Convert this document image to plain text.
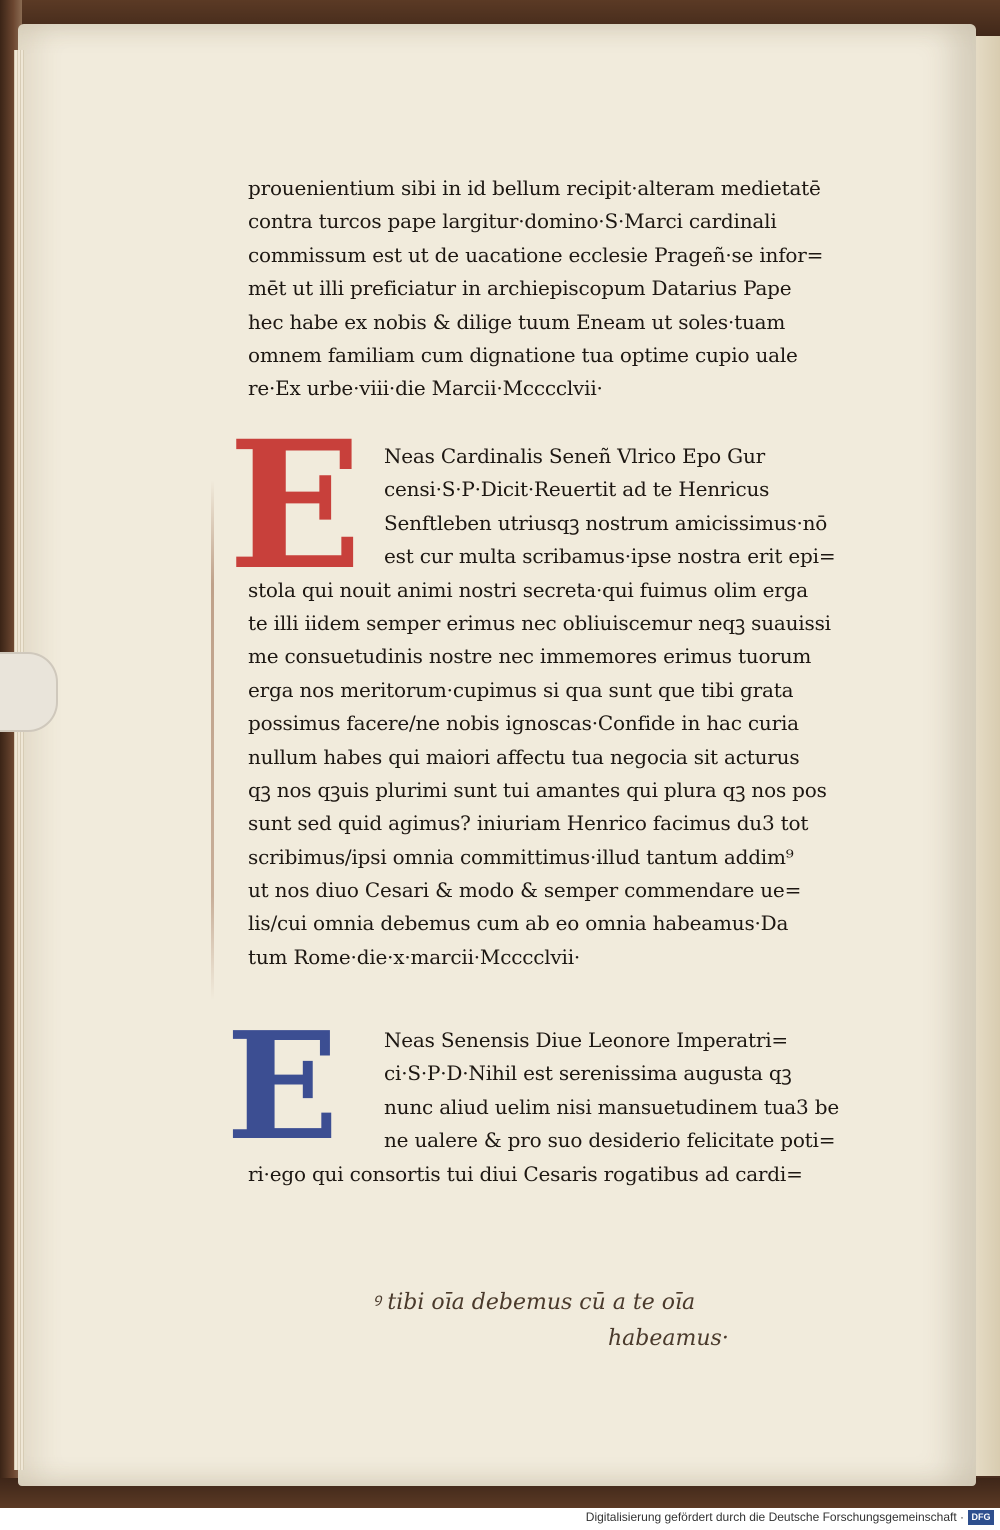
prouenientium sibi in id bellum recipit·alteram medietatē
contra turcos pape largitur·domino·S·Marci cardinali
commissum est ut de uacatione ecclesie Prageñ·se infor=
mēt ut illi preficiatur in archiepiscopum Datarius Pape
hec habe ex nobis & dilige tuum Eneam ut soles·tuam
omnem familiam cum dignatione tua optime cupio uale
re·Ex urbe·viii·die Marcii·Mcccclvii·
E	Neas Cardinalis Seneñ Vlrico Epo Gur
censi·S·P·Dicit·Reuertit ad te Henricus
Senftleben utriusqꝫ nostrum amicissimus·nō
est cur multa scribamus·ipse nostra erit epi=
stola qui nouit animi nostri secreta·qui fuimus olim erga
te illi iidem semper erimus nec obliuiscemur neqꝫ suauissi
me consuetudinis nostre nec immemores erimus tuorum
erga nos meritorum·cupimus si qua sunt que tibi grata
possimus facere/ne nobis ignoscas·Confide in hac curia
nullum habes qui maiori affectu tua negocia sit acturus
qꝫ nos qꝫuis plurimi sunt tui amantes qui plura qꝫ nos pos
sunt sed quid agimus? iniuriam Henrico facimus du3 tot
scribimus/ipsi omnia committimus·illud tantum addim⁹
ut nos diuo Cesari & modo & semper commendare ue=
lis/cui omnia debemus cum ab eo omnia habeamus·Da
tum Rome·die·x·marcii·Mcccclvii·
E	Neas Senensis Diue Leonore Imperatri=
ci·S·P·D·Nihil est serenissima augusta qꝫ
nunc aliud uelim nisi mansuetudinem tua3 be
ne ualere & pro suo desiderio felicitate poti=
ri·ego qui consortis tui diui Cesaris rogatibus ad cardi=
ꝰ tibi oīa debemus cū a te oīa
habeamus·
Digitalisierung gefördert durch die Deutsche Forschungsgemeinschaft · DFG
